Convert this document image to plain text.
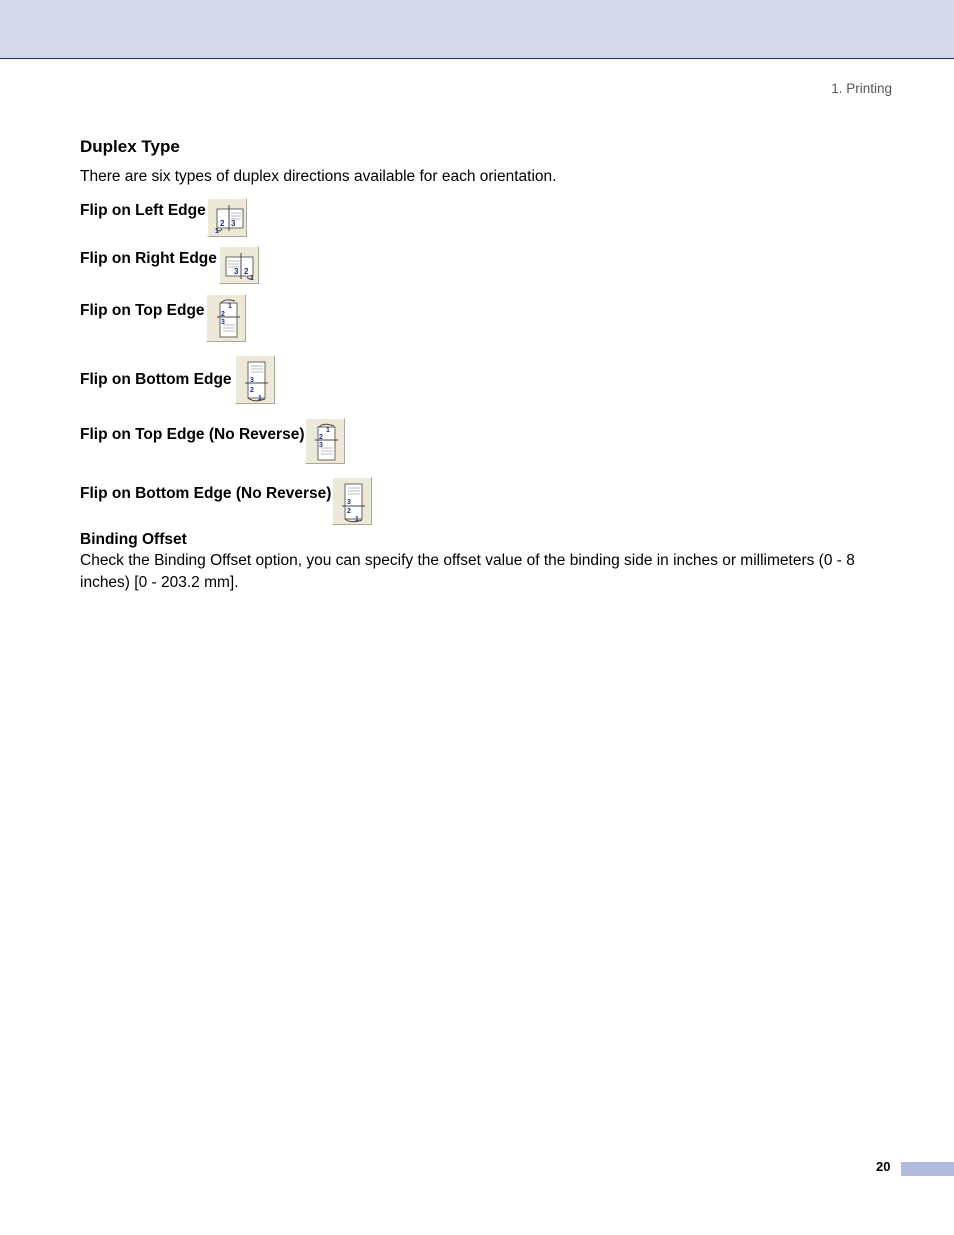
1. Printing
Duplex Type
There are six types of duplex directions available for each orientation.
Flip on Left Edge
2 3
1
Flip on Right Edge
3 2
1
Flip on Top Edge	1
2
3
Flip on Bottom Edge	3
2
1
Flip on Top Edge (No Reverse)	1
2
3
Flip on Bottom Edge (No Reverse)
3
2
1
Binding Offset
Check the Binding Offset option, you can specify the offset value of the binding side in inches or millimeters (0 - 8 inches) [0 - 203.2 mm].
20
